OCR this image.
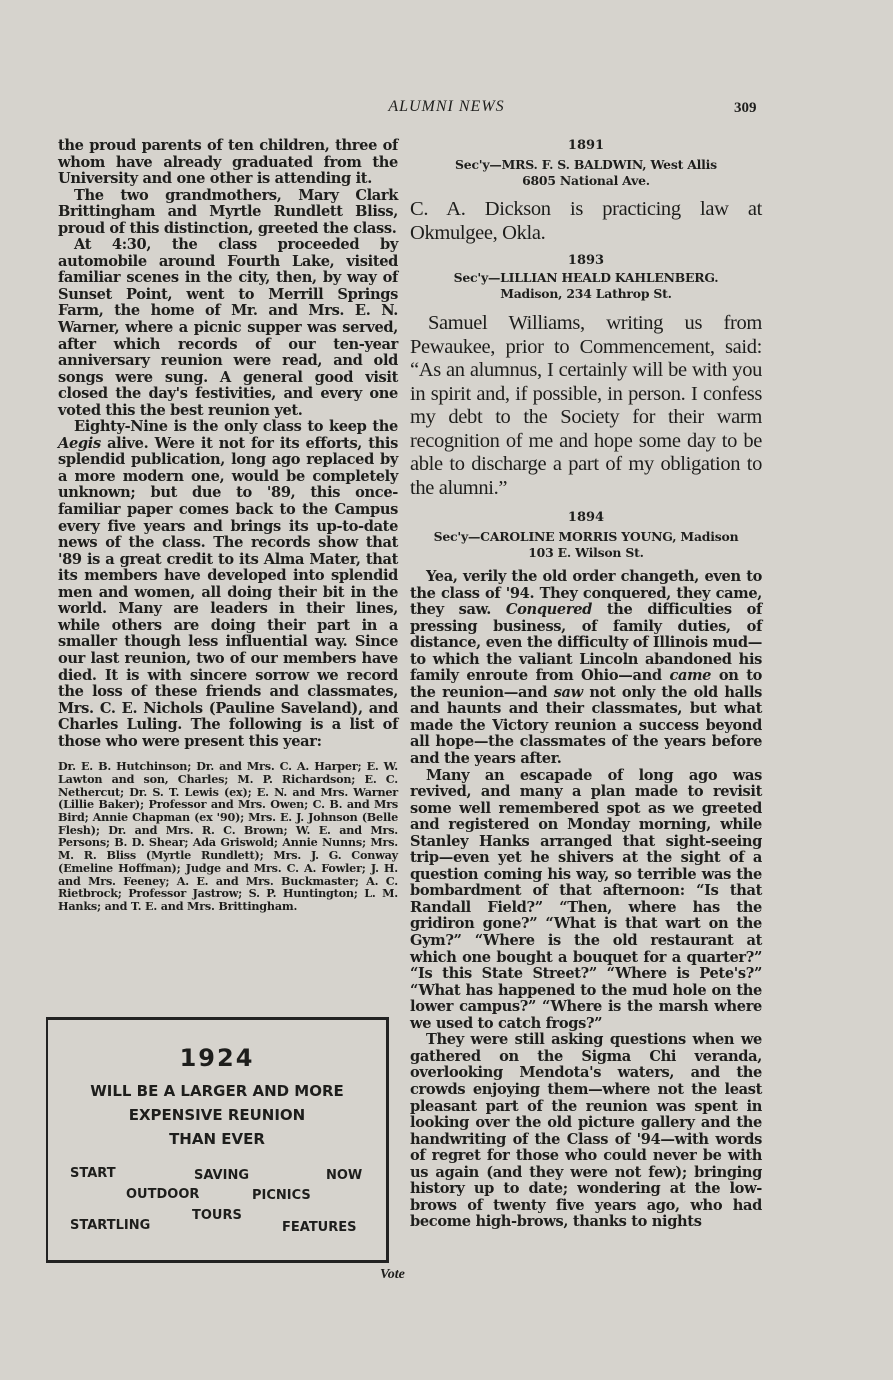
ALUMNI NEWS	309

the proud parents of ten children, three of whom have already graduated from the University and one other is attending it.

The two grandmothers, Mary Clark Brittingham and Myrtle Rundlett Bliss, proud of this distinction, greeted the class.

At 4:30, the class proceeded by automobile around Fourth Lake, visited familiar scenes in the city, then, by way of Sunset Point, went to Merrill Springs Farm, the home of Mr. and Mrs. E. N. Warner, where a picnic supper was served, after which records of our ten-year anniversary reunion were read, and old songs were sung. A general good visit closed the day's festivities, and every one voted this the best reunion yet.

Eighty-Nine is the only class to keep the Aegis alive. Were it not for its efforts, this splendid publication, long ago replaced by a more modern one, would be completely unknown; but due to '89, this once-familiar paper comes back to the Campus every five years and brings its up-to-date news of the class. The records show that '89 is a great credit to its Alma Mater, that its members have developed into splendid men and women, all doing their bit in the world. Many are leaders in their lines, while others are doing their part in a smaller though less influential way. Since our last reunion, two of our members have died. It is with sincere sorrow we record the loss of these friends and classmates, Mrs. C. E. Nichols (Pauline Saveland), and Charles Luling. The following is a list of those who were present this year:

Dr. E. B. Hutchinson; Dr. and Mrs. C. A. Harper; E. W. Lawton and son, Charles; M. P. Richardson; E. C. Nethercut; Dr. S. T. Lewis (ex); E. N. and Mrs. Warner (Lillie Baker); Professor and Mrs. Owen; C. B. and Mrs Bird; Annie Chapman (ex '90); Mrs. E. J. Johnson (Belle Flesh); Dr. and Mrs. R. C. Brown; W. E. and Mrs. Persons; B. D. Shear; Ada Griswold; Annie Nunns; Mrs. M. R. Bliss (Myrtle Rundlett); Mrs. J. G. Conway (Emeline Hoffman); Judge and Mrs. C. A. Fowler; J. H. and Mrs. Feeney; A. E. and Mrs. Buckmaster; A. C. Rietbrock; Professor Jastrow; S. P. Huntington; L. M. Hanks; and T. E. and Mrs. Brittingham.

1924
WILL BE A LARGER AND MORE
EXPENSIVE REUNION
THAN EVER
START	SAVING	NOW
OUTDOOR	PICNICS
TOURS
STARTLING	FEATURES
1891
Sec'y—MRS. F. S. BALDWIN, West Allis
6805 National Ave.

C. A. Dickson is practicing law at Okmulgee, Okla.

1893
Sec'y—LILLIAN HEALD KAHLENBERG.
Madison, 234 Lathrop St.

Samuel Williams, writing us from Pewaukee, prior to Commencement, said: “As an alumnus, I certainly will be with you in spirit and, if possible, in person. I confess my debt to the Society for their warm recognition of me and hope some day to be able to discharge a part of my obligation to the alumni.”

1894
Sec'y—CAROLINE MORRIS YOUNG, Madison
103 E. Wilson St.

Yea, verily the old order changeth, even to the class of '94. They conquered, they came, they saw. Conquered the difficulties of pressing business, of family duties, of distance, even the difficulty of Illinois mud—to which the valiant Lincoln abandoned his family enroute from Ohio—and came on to the reunion—and saw not only the old halls and haunts and their classmates, but what made the Victory reunion a success beyond all hope—the classmates of the years before and the years after.

Many an escapade of long ago was revived, and many a plan made to revisit some well remembered spot as we greeted and registered on Monday morning, while Stanley Hanks arranged that sight-seeing trip—even yet he shivers at the sight of a question coming his way, so terrible was the bombardment of that afternoon: “Is that Randall Field?” “Then, where has the gridiron gone?” “What is that wart on the Gym?” “Where is the old restaurant at which one bought a bouquet for a quarter?” “Is this State Street?” “Where is Pete's?” “What has happened to the mud hole on the lower campus?” “Where is the marsh where we used to catch frogs?”

They were still asking questions when we gathered on the Sigma Chi veranda, overlooking Mendota's waters, and the crowds enjoying them—where not the least pleasant part of the reunion was spent in looking over the old picture gallery and the handwriting of the Class of '94—with words of regret for those who could never be with us again (and they were not few); bringing history up to date; wondering at the low-brows of twenty five years ago, who had become high-brows, thanks to nights

Vote
